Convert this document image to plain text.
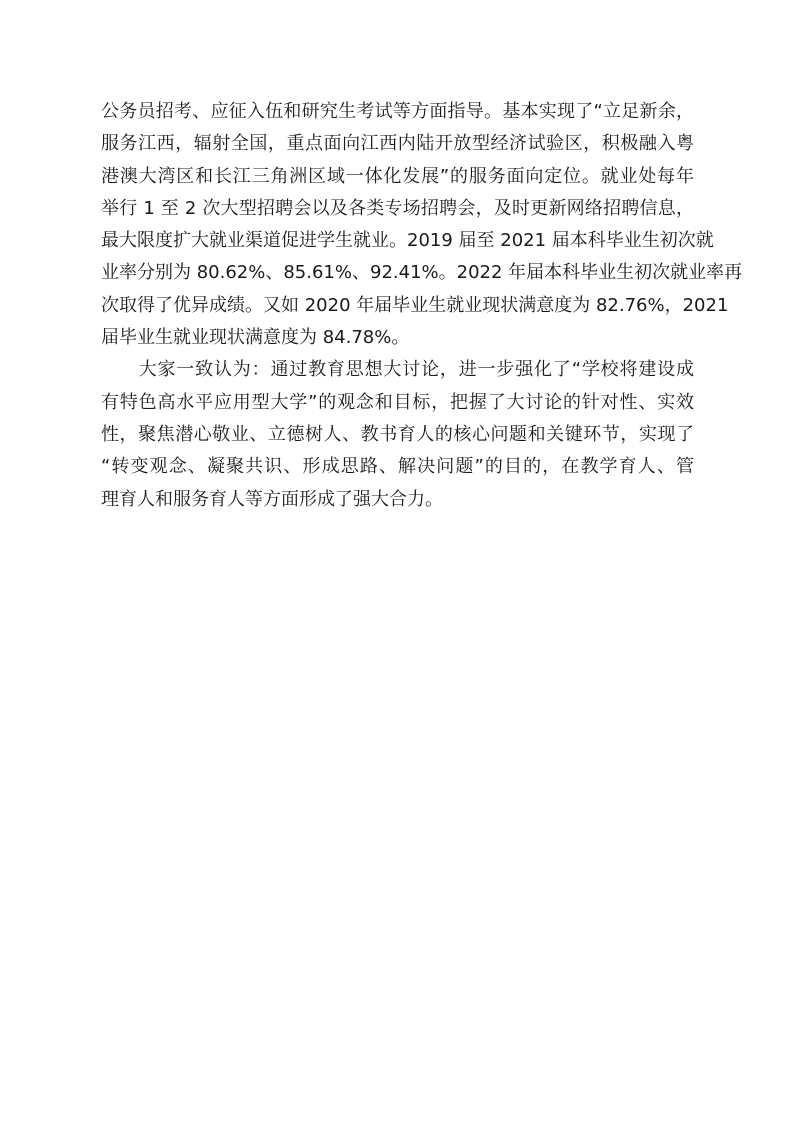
公务员招考、应征入伍和研究生考试等方面指导。基本实现了“立足新余，
服务江西，辐射全国，重点面向江西内陆开放型经济试验区，积极融入粤
港澳大湾区和长江三角洲区域一体化发展”的服务面向定位。就业处每年
举行 1 至 2 次大型招聘会以及各类专场招聘会，及时更新网络招聘信息，
最大限度扩大就业渠道促进学生就业。2019 届至 2021 届本科毕业生初次就
业率分别为 80.62%、85.61%、92.41%。2022 年届本科毕业生初次就业率再
次取得了优异成绩。又如 2020 年届毕业生就业现状满意度为 82.76%，2021
届毕业生就业现状满意度为 84.78%。
　　大家一致认为：通过教育思想大讨论，进一步强化了“学校将建设成
有特色高水平应用型大学”的观念和目标，把握了大讨论的针对性、实效
性，聚焦潜心敬业、立德树人、教书育人的核心问题和关键环节，实现了
“转变观念、凝聚共识、形成思路、解决问题”的目的，在教学育人、管
理育人和服务育人等方面形成了强大合力。
